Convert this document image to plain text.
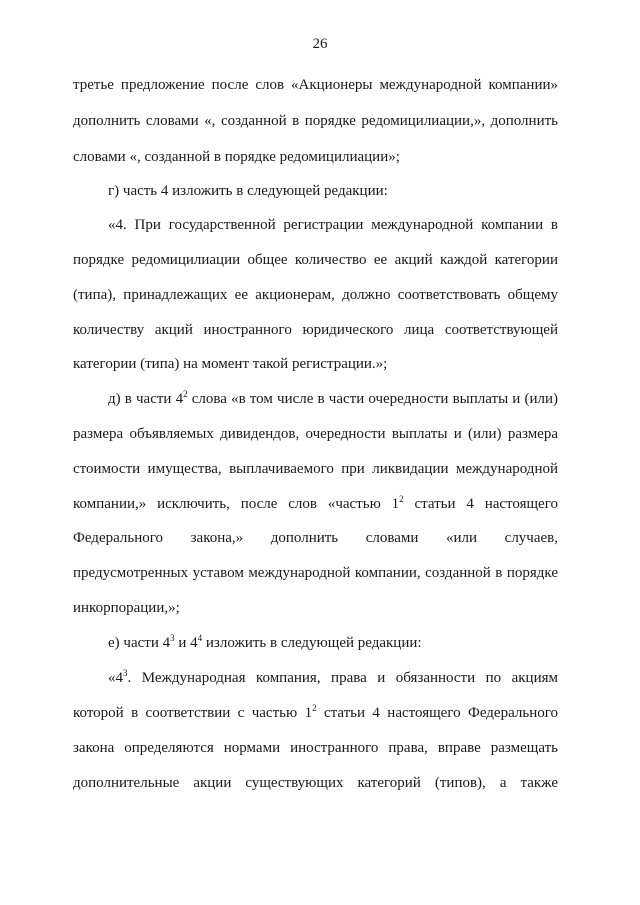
26
третье предложение после слов «Акционеры международной компании»
дополнить словами «, созданной в порядке редомицилиации,», дополнить
словами «, созданной в порядке редомицилиации»;
г) часть 4 изложить в следующей редакции:
«4. При государственной регистрации международной компании в
порядке редомицилиации общее количество ее акций каждой категории
(типа), принадлежащих ее акционерам, должно соответствовать общему
количеству акций иностранного юридического лица соответствующей
категории (типа) на момент такой регистрации.»;
д) в части $4^2$ слова «в том числе в части очередности выплаты и (или)
размера объявляемых дивидендов, очередности выплаты и (или) размера
стоимости имущества, выплачиваемого при ликвидации международной
компании,» исключить, после слов «частью $1^2$ статьи 4 настоящего
Федерального закона,» дополнить словами «или случаев,
предусмотренных уставом международной компании, созданной в порядке
инкорпорации,»;
е) части $4^3$ и $4^4$ изложить в следующей редакции:
«$4^3$. Международная компания, права и обязанности по акциям
которой в соответствии с частью $1^2$ статьи 4 настоящего Федерального
закона определяются нормами иностранного права, вправе размещать
дополнительные акции существующих категорий (типов), а также
